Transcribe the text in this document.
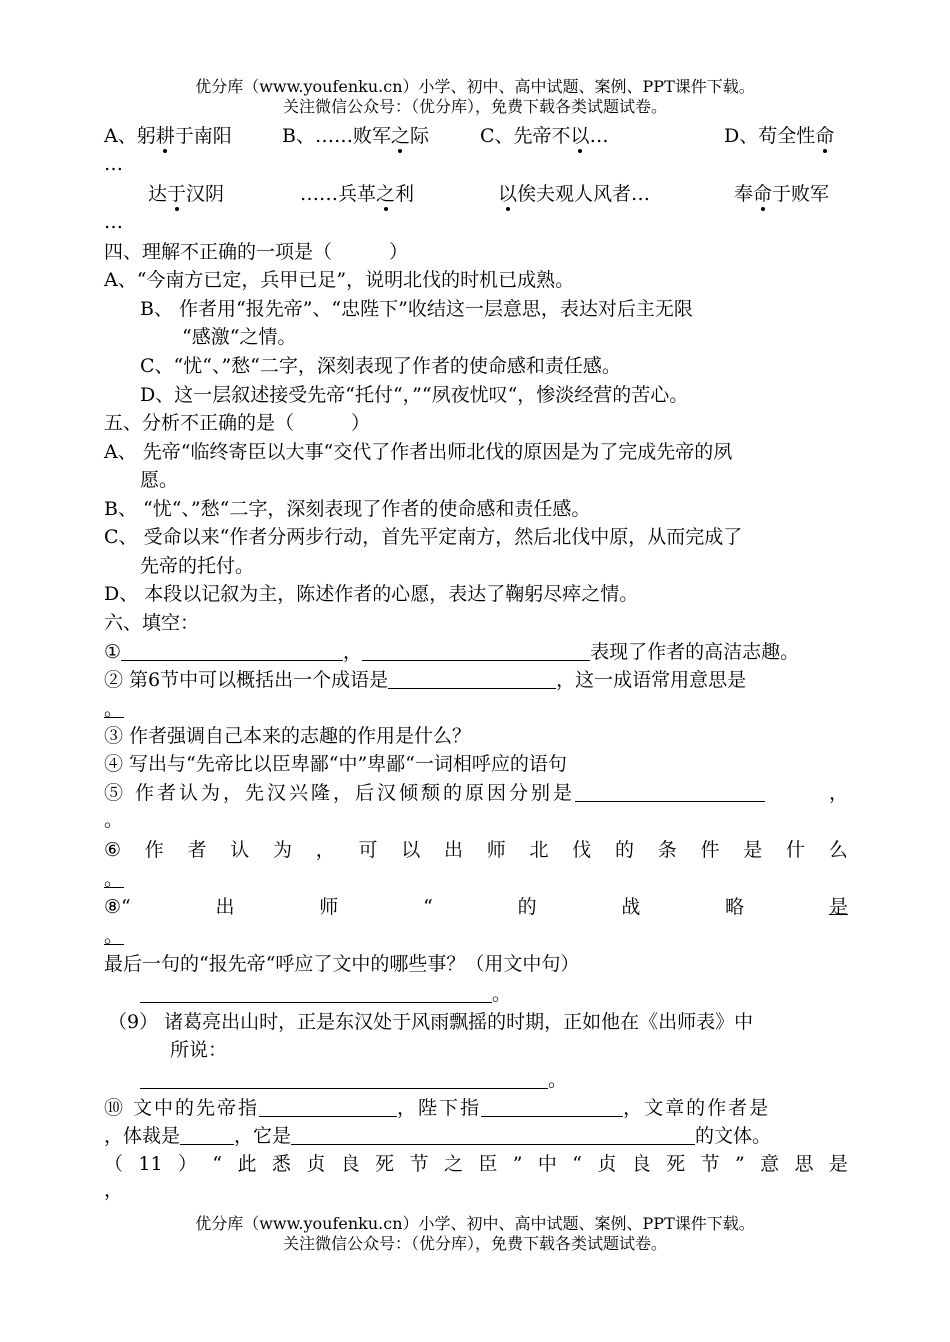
优分库（www.youfenku.cn）小学、初中、高中试题、案例、PPT课件下载。
关注微信公众号：（优分库），免费下载各类试题试卷。
A、躬耕于南阳	B、……败军之际	C、先帝不以…	D、苟全性命
…
达于汉阴	……兵革之利	以俟夫观人风者…	奉命于败军
…
四、理解不正确的一项是（　　　）
A、“今南方已定，兵甲已足”，说明北伐的时机已成熟。
B、 作者用“报先帝”、“忠陛下”收结这一层意思，表达对后主无限
“感激“之情。
C、“忧“、”愁“二字，深刻表现了作者的使命感和责任感。
D、这一层叙述接受先帝“托付“，”“夙夜忧叹“，惨淡经营的苦心。
五、分析不正确的是（　　　）
A、 先帝“临终寄臣以大事“交代了作者出师北伐的原因是为了完成先帝的夙
愿。
B、 “忧“、”愁“二字，深刻表现了作者的使命感和责任感。
C、 受命以来“作者分两步行动，首先平定南方，然后北伐中原，从而完成了
先帝的托付。
D、 本段以记叙为主，陈述作者的心愿，表达了鞠躬尽瘁之情。
六、填空：
①	，	表现了作者的高洁志趣。
② 第6节中可以概括出一个成语是	，这一成语常用意思是
。
③ 作者强调自己本来的志趣的作用是什么？
④ 写出与“先帝比以臣卑鄙“中”卑鄙“一词相呼应的语句
⑤ 作者认为，先汉兴隆，后汉倾颓的原因分别是	，
。
⑥ 作 者 认 为 ， 可 以 出 师 北 伐 的 条 件 是 什 么
。
⑧“	出	师	“	的	战	略	是
。
最后一句的“报先帝“呼应了文中的哪些事？（用文中句）
。
（9） 诸葛亮出山时，正是东汉处于风雨飘摇的时期，正如他在《出师表》中
所说：
。
⑩ 文中的先帝指	，陛下指	，文章的作者是
，体裁是	，它是	的文体。
（ 11 ） “ 此 悉 贞 良 死 节 之 臣 ” 中 “ 贞 良 死 节 ” 意 思 是
，
优分库（www.youfenku.cn）小学、初中、高中试题、案例、PPT课件下载。
关注微信公众号：（优分库），免费下载各类试题试卷。
